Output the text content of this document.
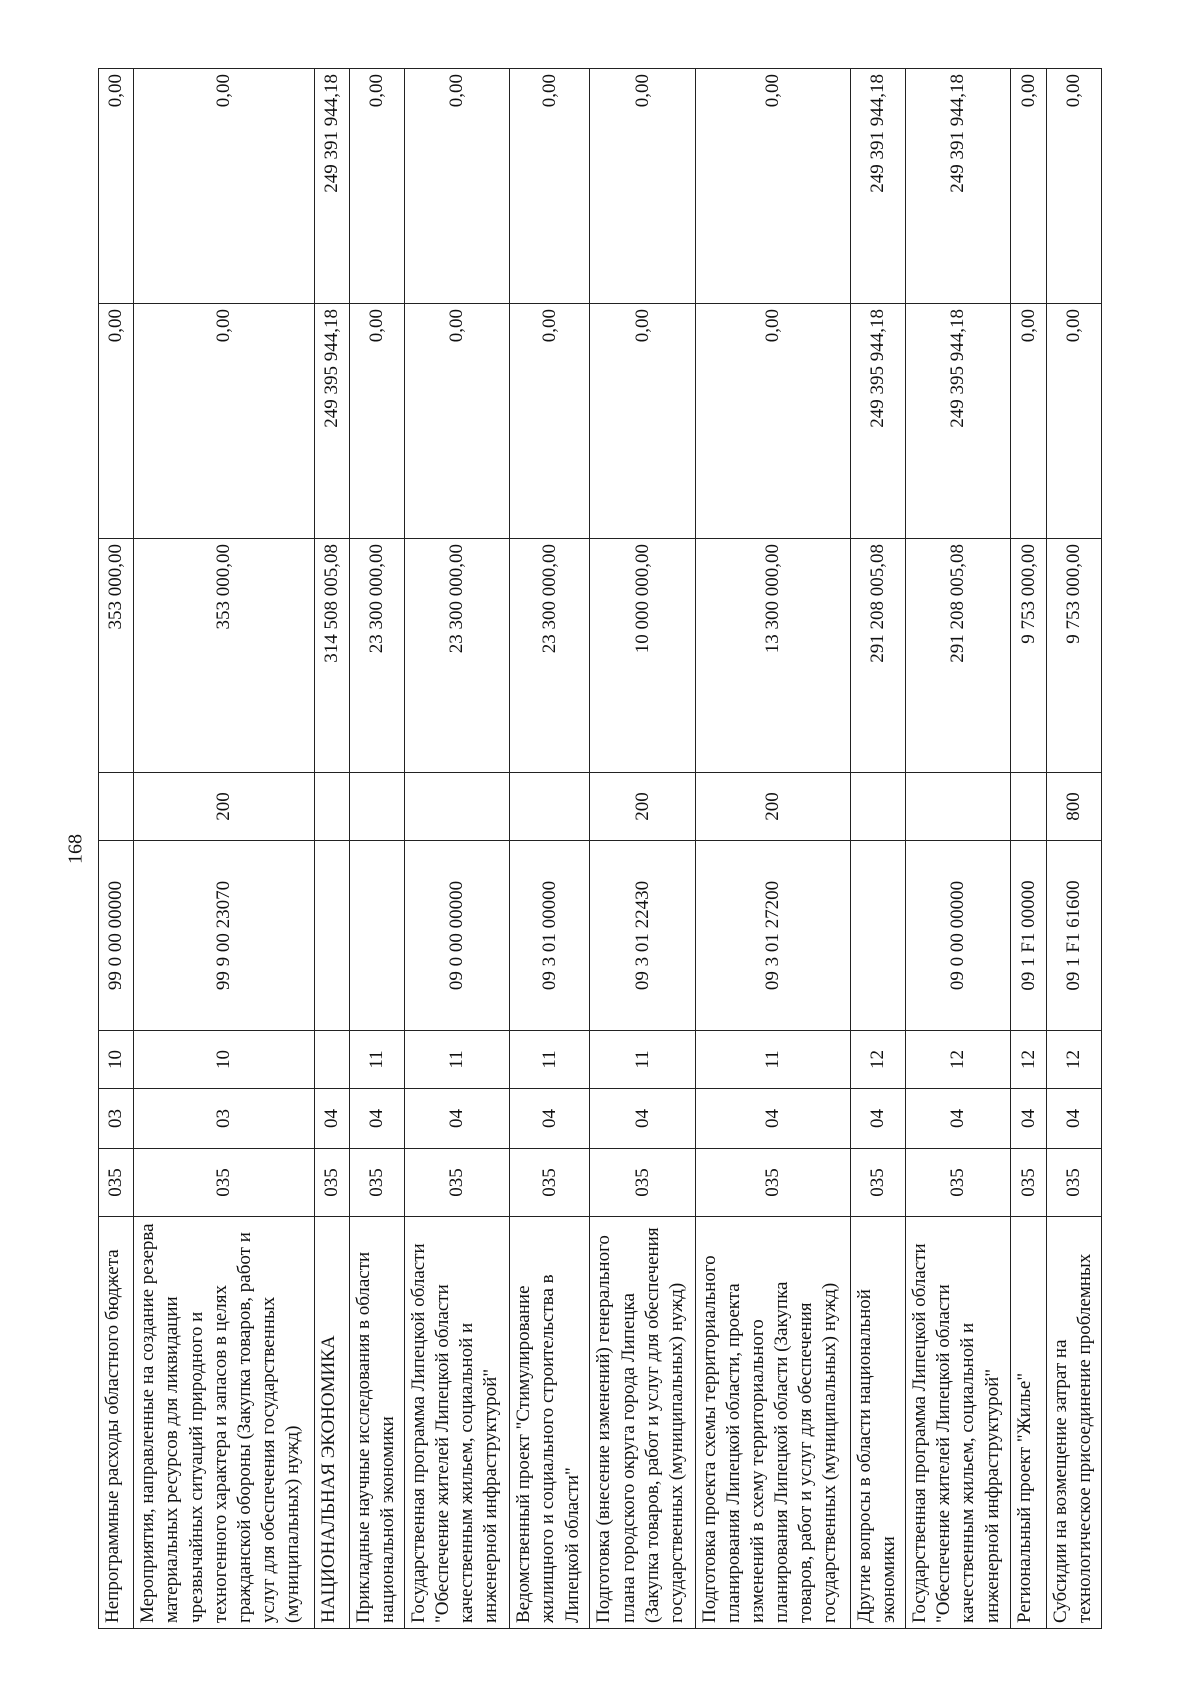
168
Непрограммные расходы областного бюджета	035	03	10	99 0 00 00000		353 000,00	0,00	0,00
Мероприятия, направленные на создание резерва материальных ресурсов для ликвидации чрезвычайных ситуаций природного и техногенного характера и запасов в целях гражданской обороны (Закупка товаров, работ и услуг для обеспечения государственных (муниципальных) нужд)	035	03	10	99 9 00 23070	200	353 000,00	0,00	0,00
НАЦИОНАЛЬНАЯ ЭКОНОМИКА	035	04				314 508 005,08	249 395 944,18	249 391 944,18
Прикладные научные исследования в области национальной экономики	035	04	11			23 300 000,00	0,00	0,00
Государственная программа Липецкой области "Обеспечение жителей Липецкой области качественным жильем, социальной и инженерной инфраструктурой"	035	04	11	09 0 00 00000		23 300 000,00	0,00	0,00
Ведомственный проект "Стимулирование жилищного и социального строительства в Липецкой области"	035	04	11	09 3 01 00000		23 300 000,00	0,00	0,00
Подготовка (внесение изменений) генерального плана городского округа города Липецка (Закупка товаров, работ и услуг для обеспечения государственных (муниципальных) нужд)	035	04	11	09 3 01 22430	200	10 000 000,00	0,00	0,00
Подготовка проекта схемы территориального планирования Липецкой области, проекта изменений в схему территориального планирования Липецкой области (Закупка товаров, работ и услуг для обеспечения государственных (муниципальных) нужд)	035	04	11	09 3 01 27200	200	13 300 000,00	0,00	0,00
Другие вопросы в области национальной экономики	035	04	12			291 208 005,08	249 395 944,18	249 391 944,18
Государственная программа Липецкой области "Обеспечение жителей Липецкой области качественным жильем, социальной и инженерной инфраструктурой"	035	04	12	09 0 00 00000		291 208 005,08	249 395 944,18	249 391 944,18
Региональный проект "Жилье"	035	04	12	09 1 F1 00000		9 753 000,00	0,00	0,00
Субсидии на возмещение затрат на технологическое присоединение проблемных	035	04	12	09 1 F1 61600	800	9 753 000,00	0,00	0,00
